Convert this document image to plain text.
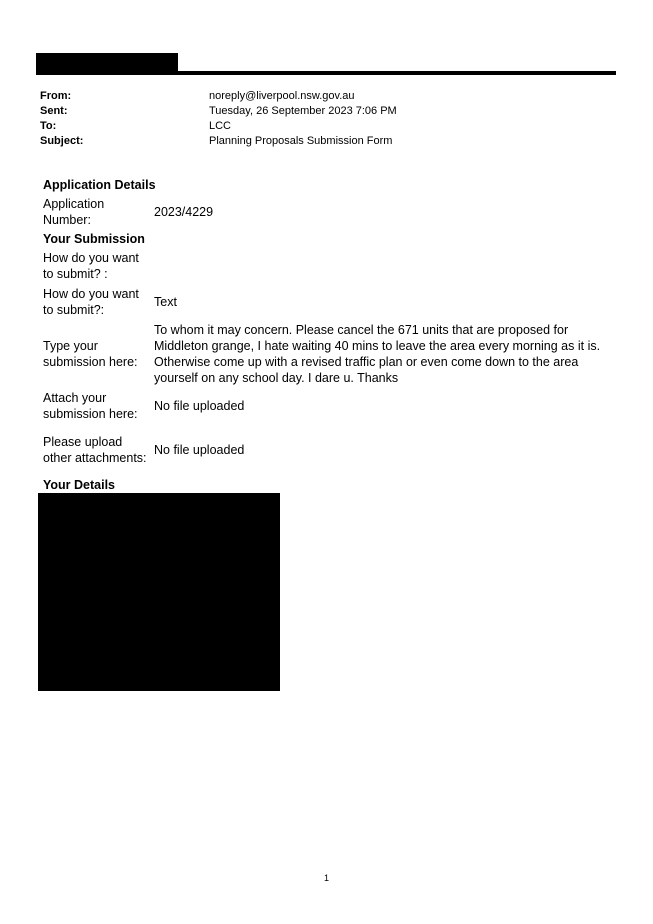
From:	noreply@liverpool.nsw.gov.au
Sent:	Tuesday, 26 September 2023 7:06 PM
To:	LCC
Subject:	Planning Proposals Submission Form
Application Details
Application Number:
2023/4229
Your Submission
How do you want to submit? :
How do you want to submit?:
Text
Type your submission here:
To whom it may concern. Please cancel the 671 units that are proposed for Middleton grange, I hate waiting 40 mins to leave the area every morning as it is. Otherwise come up with a revised traffic plan or even come down to the area yourself on any school day. I dare u. Thanks
Attach your submission here:
No file uploaded
Please upload other attachments:
No file uploaded
Your Details
1
